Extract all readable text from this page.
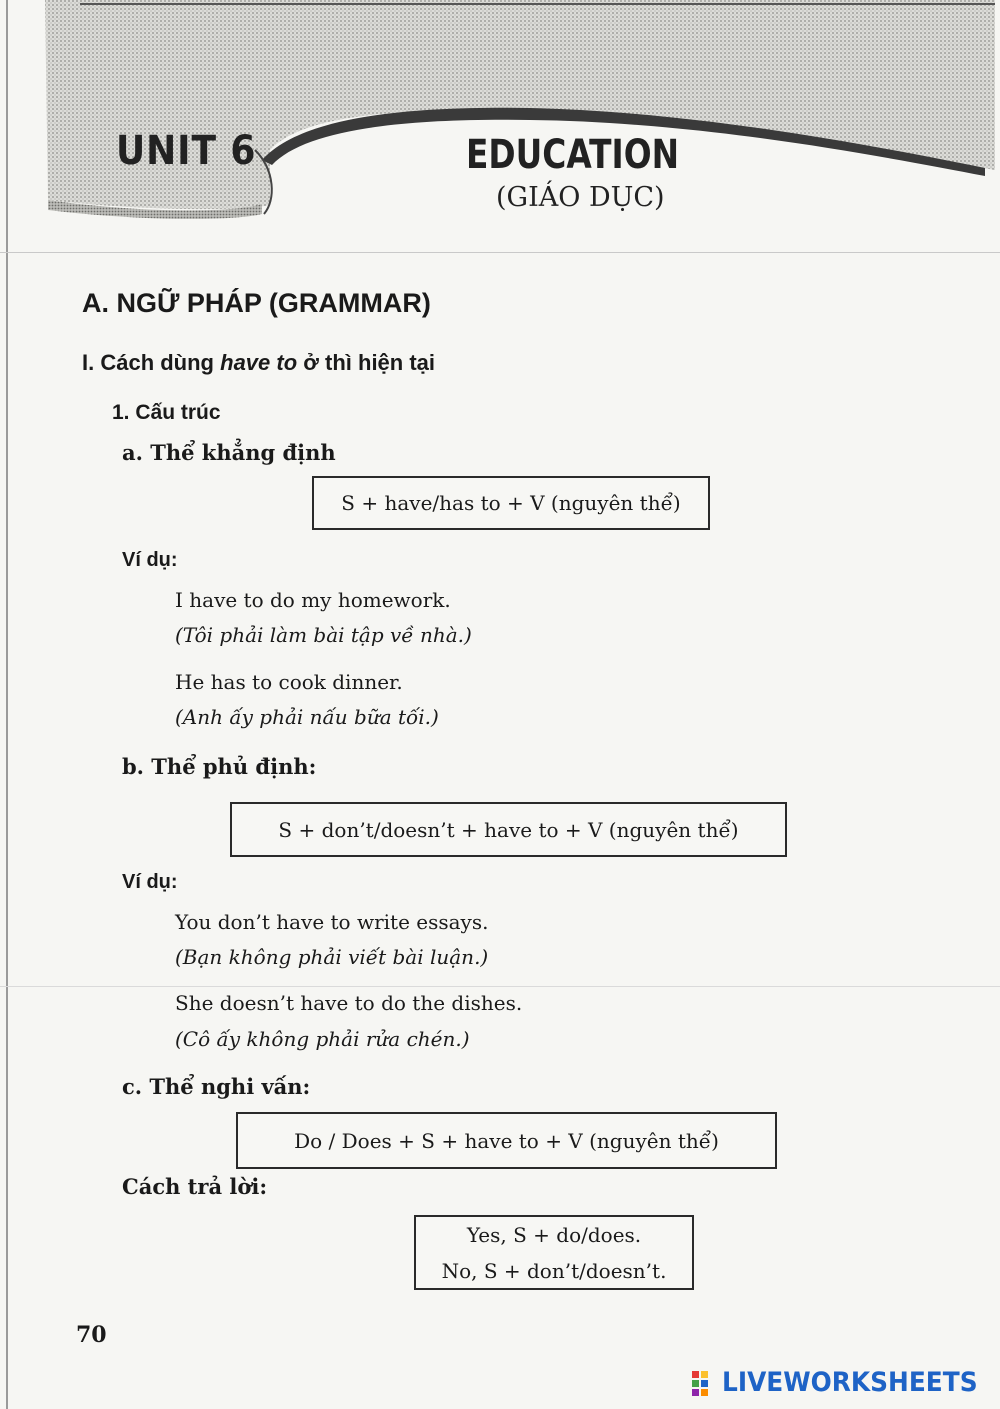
UNIT 6	EDUCATION
(GIÁO DỤC)
A. NGỮ PHÁP (GRAMMAR)
I. Cách dùng have to ở thì hiện tại
1. Cấu trúc
a. Thể khẳng định
S + have/has to + V (nguyên thể)
Ví dụ:
I have to do my homework.
(Tôi phải làm bài tập về nhà.)
He has to cook dinner.
(Anh ấy phải nấu bữa tối.)
b. Thể phủ định:
S + don’t/doesn’t + have to + V (nguyên thể)
Ví dụ:
You don’t have to write essays.
(Bạn không phải viết bài luận.)
She doesn’t have to do the dishes.
(Cô ấy không phải rửa chén.)
c. Thể nghi vấn:
Do / Does + S + have to + V (nguyên thể)
Cách trả lời:
Yes, S + do/does.
No, S + don’t/doesn’t.
70
LIVEWORKSHEETS
